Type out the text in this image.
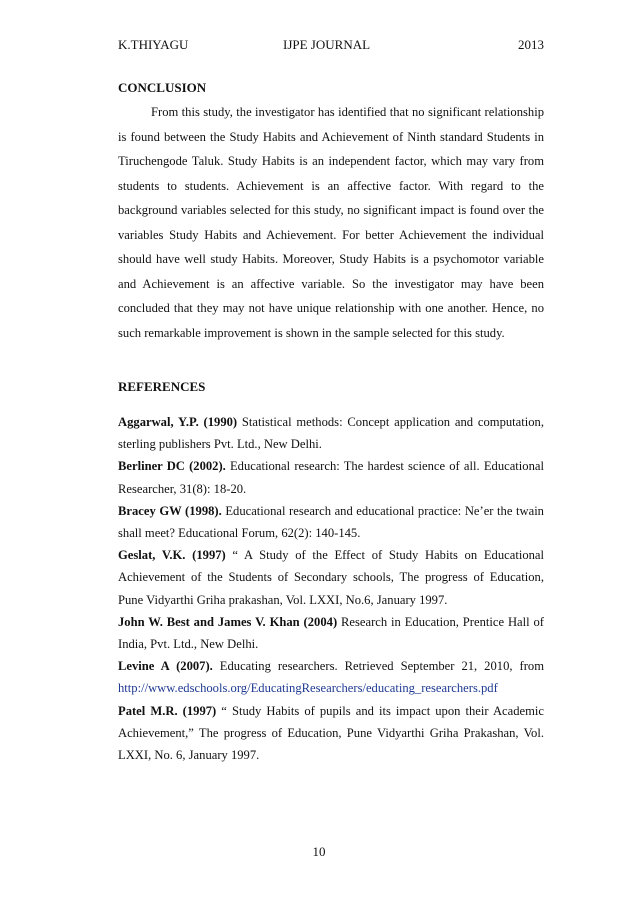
K.THIYAGU	IJPE JOURNAL	2013
CONCLUSION

From this study, the investigator has identified that no significant relationship is found between the Study Habits and Achievement of Ninth standard Students in Tiruchengode Taluk. Study Habits is an independent factor, which may vary from students to students. Achievement is an affective factor. With regard to the background variables selected for this study, no significant impact is found over the variables Study Habits and Achievement. For better Achievement the individual should have well study Habits. Moreover, Study Habits is a psychomotor variable and Achievement is an affective variable. So the investigator may have been concluded that they may not have unique relationship with one another. Hence, no such remarkable improvement is shown in the sample selected for this study.

REFERENCES

Aggarwal, Y.P. (1990) Statistical methods: Concept application and computation, sterling publishers Pvt. Ltd., New Delhi.

Berliner DC (2002). Educational research: The hardest science of all. Educational Researcher, 31(8): 18-20.

Bracey GW (1998). Educational research and educational practice: Ne’er the twain shall meet? Educational Forum, 62(2): 140-145.

Geslat, V.K. (1997) “ A Study of the Effect of Study Habits on Educational Achievement of the Students of Secondary schools, The progress of Education, Pune Vidyarthi Griha prakashan, Vol. LXXI, No.6, January 1997.

John W. Best and James V. Khan (2004) Research in Education, Prentice Hall of India, Pvt. Ltd., New Delhi.

Levine A (2007). Educating researchers. Retrieved September 21, 2010, from http://www.edschools.org/EducatingResearchers/educating_researchers.pdf

Patel M.R. (1997) “ Study Habits of pupils and its impact upon their Academic Achievement,” The progress of Education, Pune Vidyarthi Griha Prakashan, Vol. LXXI, No. 6, January 1997.

10
